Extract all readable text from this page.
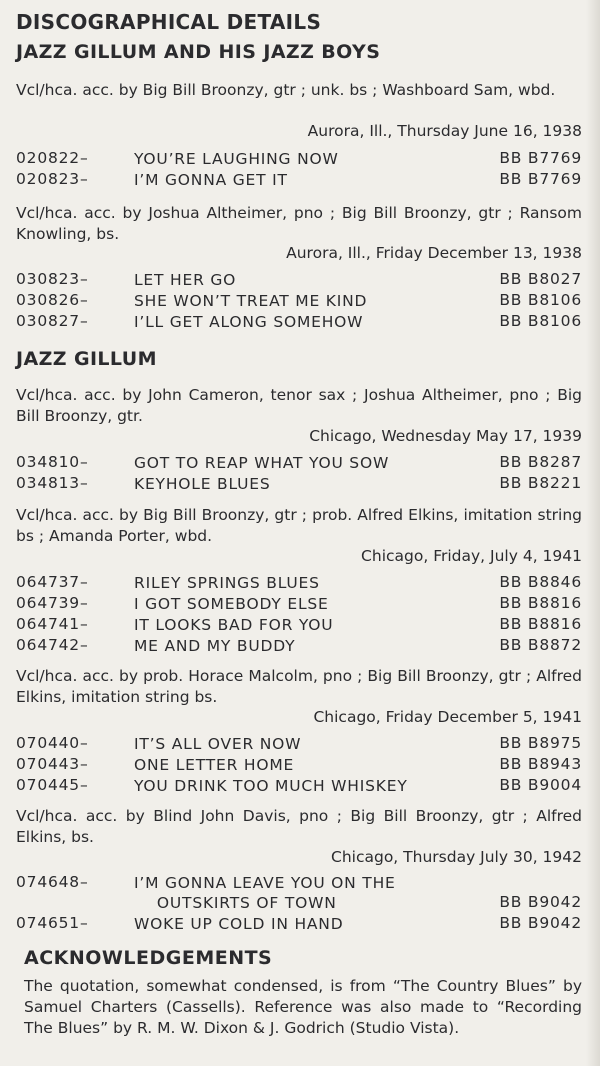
DISCOGRAPHICAL DETAILS
JAZZ GILLUM AND HIS JAZZ BOYS
Vcl/hca. acc. by Big Bill Broonzy, gtr ; unk. bs ; Washboard Sam, wbd.
Aurora, Ill., Thursday June 16, 1938
020822–	YOU’RE LAUGHING NOW	BB B7769
020823–	I’M GONNA GET IT	BB B7769
Vcl/hca. acc. by Joshua Altheimer, pno ; Big Bill Broonzy, gtr ; Ransom Knowling, bs.
Aurora, Ill., Friday December 13, 1938
030823–	LET HER GO	BB B8027
030826–	SHE WON’T TREAT ME KIND	BB B8106
030827–	I’LL GET ALONG SOMEHOW	BB B8106
JAZZ GILLUM
Vcl/hca. acc. by John Cameron, tenor sax ; Joshua Altheimer, pno ; Big Bill Broonzy, gtr.
Chicago, Wednesday May 17, 1939
034810–	GOT TO REAP WHAT YOU SOW	BB B8287
034813–	KEYHOLE BLUES	BB B8221
Vcl/hca. acc. by Big Bill Broonzy, gtr ; prob. Alfred Elkins, imitation string bs ; Amanda Porter, wbd.
Chicago, Friday, July 4, 1941
064737–	RILEY SPRINGS BLUES	BB B8846
064739–	I GOT SOMEBODY ELSE	BB B8816
064741–	IT LOOKS BAD FOR YOU	BB B8816
064742–	ME AND MY BUDDY	BB B8872
Vcl/hca. acc. by prob. Horace Malcolm, pno ; Big Bill Broonzy, gtr ; Alfred Elkins, imitation string bs.
Chicago, Friday December 5, 1941
070440–	IT’S ALL OVER NOW	BB B8975
070443–	ONE LETTER HOME	BB B8943
070445–	YOU DRINK TOO MUCH WHISKEY	BB B9004
Vcl/hca. acc. by Blind John Davis, pno ; Big Bill Broonzy, gtr ; Alfred Elkins, bs.
Chicago, Thursday July 30, 1942
074648–	I’M GONNA LEAVE YOU ON THE
OUTSKIRTS OF TOWN	BB B9042
074651–	WOKE UP COLD IN HAND	BB B9042
ACKNOWLEDGEMENTS
The quotation, somewhat condensed, is from “The Country Blues” by Samuel Charters (Cassells). Reference was also made to “Recording The Blues” by R. M. W. Dixon & J. Godrich (Studio Vista).
